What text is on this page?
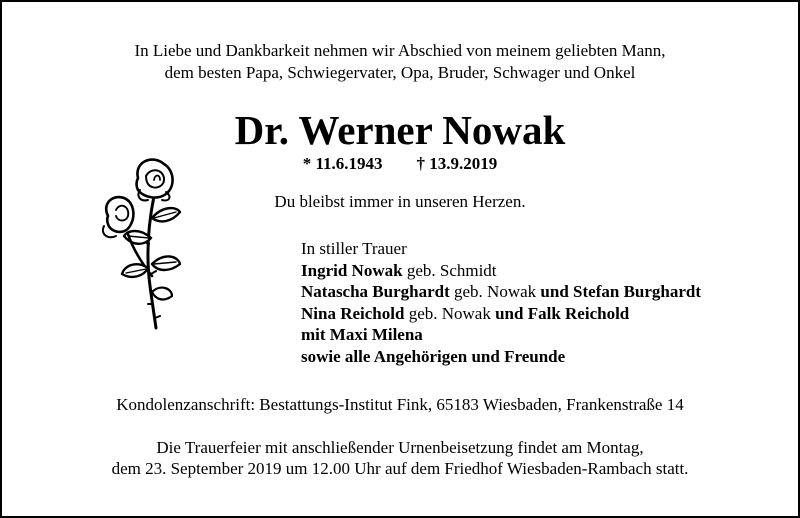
In Liebe und Dankbarkeit nehmen wir Abschied von meinem geliebten Mann,
dem besten Papa, Schwiegervater, Opa, Bruder, Schwager und Onkel
Dr. Werner Nowak
* 11.6.1943 † 13.9.2019
Du bleibst immer in unseren Herzen.
In stiller Trauer
Ingrid Nowak geb. Schmidt
Natascha Burghardt geb. Nowak und Stefan Burghardt
Nina Reichold geb. Nowak und Falk Reichold
mit Maxi Milena
sowie alle Angehörigen und Freunde
Kondolenzanschrift: Bestattungs-Institut Fink, 65183 Wiesbaden, Frankenstraße 14
Die Trauerfeier mit anschließender Urnenbeisetzung findet am Montag,
dem 23. September 2019 um 12.00 Uhr auf dem Friedhof Wiesbaden-Rambach statt.
